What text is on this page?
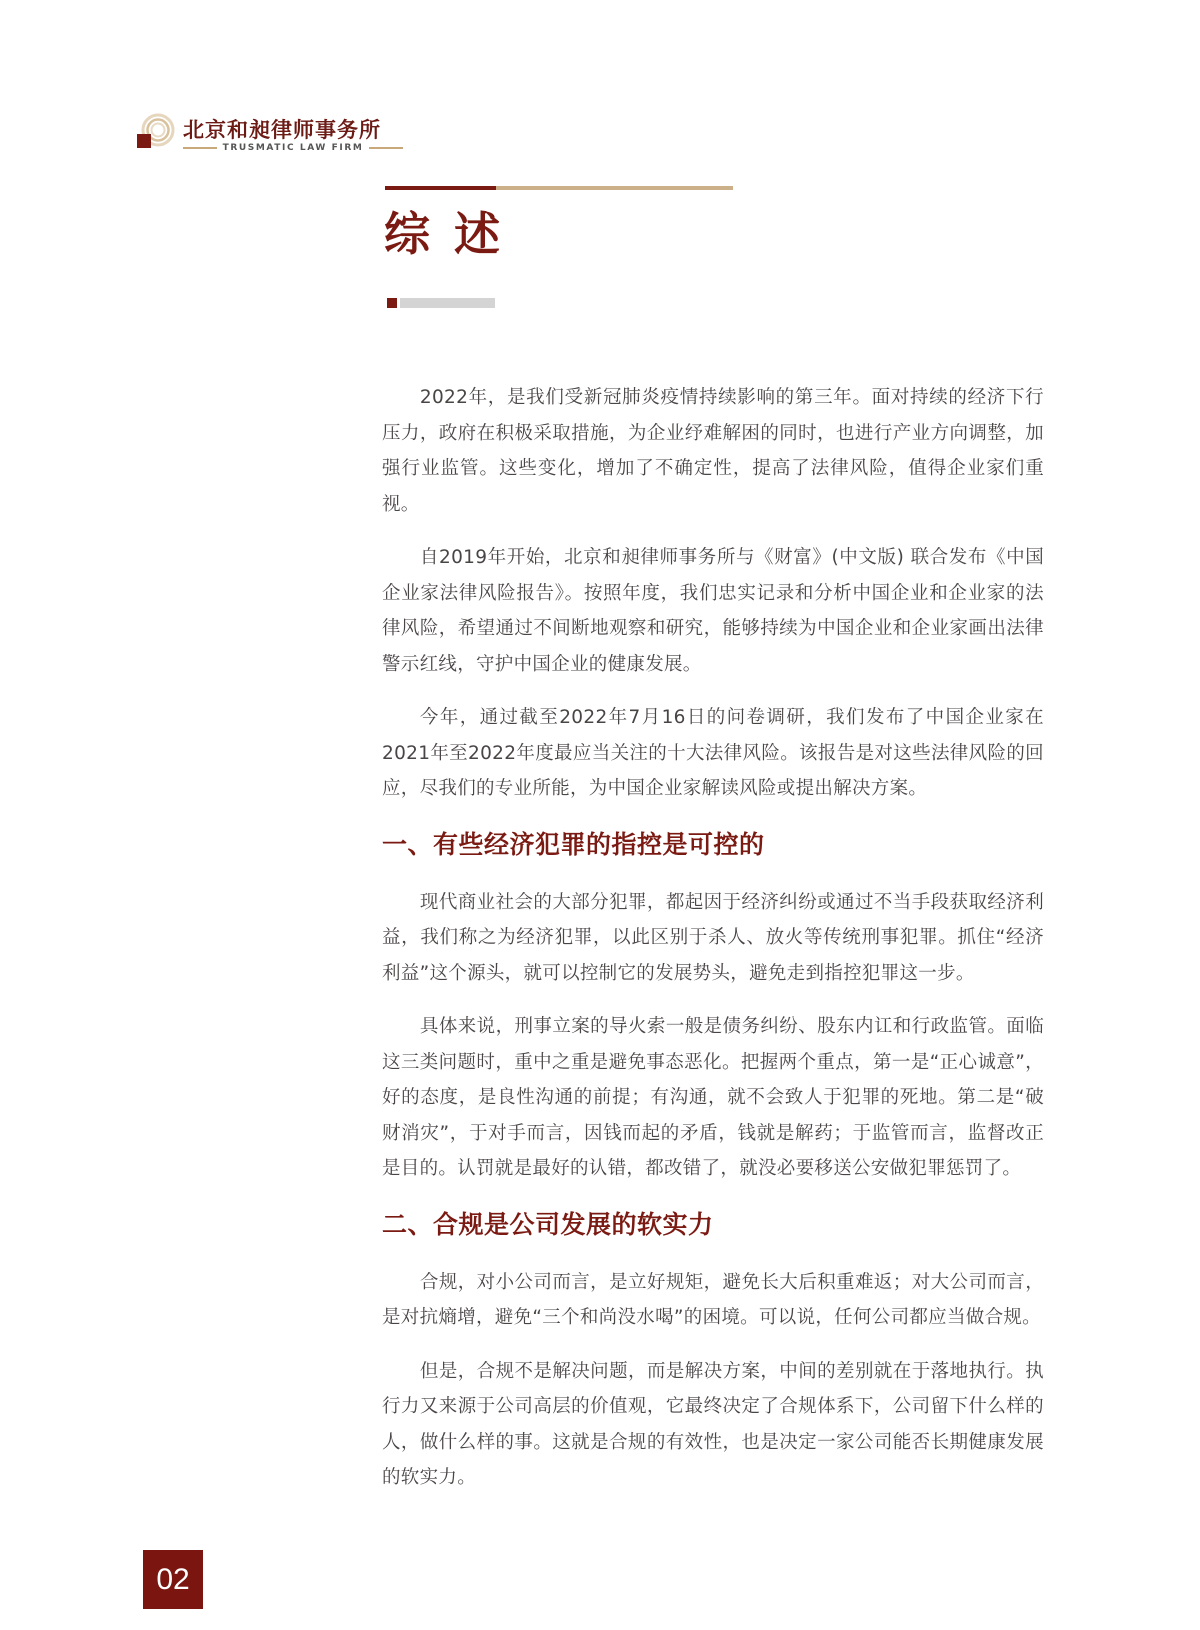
北京和昶律师事务所
TRUSMATIC LAW FIRM
综 述

2022年，是我们受新冠肺炎疫情持续影响的第三年。面对持续的经济下行压力，政府在积极采取措施，为企业纾难解困的同时，也进行产业方向调整，加强行业监管。这些变化，增加了不确定性，提高了法律风险，值得企业家们重视。

自2019年开始，北京和昶律师事务所与《财富》(中文版) 联合发布《中国企业家法律风险报告》。按照年度，我们忠实记录和分析中国企业和企业家的法律风险，希望通过不间断地观察和研究，能够持续为中国企业和企业家画出法律警示红线，守护中国企业的健康发展。

今年，通过截至2022年7月16日的问卷调研，我们发布了中国企业家在2021年至2022年度最应当关注的十大法律风险。该报告是对这些法律风险的回应，尽我们的专业所能，为中国企业家解读风险或提出解决方案。

一、有些经济犯罪的指控是可控的

现代商业社会的大部分犯罪，都起因于经济纠纷或通过不当手段获取经济利益，我们称之为经济犯罪，以此区别于杀人、放火等传统刑事犯罪。抓住“经济利益”这个源头，就可以控制它的发展势头，避免走到指控犯罪这一步。

具体来说，刑事立案的导火索一般是债务纠纷、股东内讧和行政监管。面临这三类问题时，重中之重是避免事态恶化。把握两个重点，第一是“正心诚意”，好的态度，是良性沟通的前提；有沟通，就不会致人于犯罪的死地。第二是“破财消灾”，于对手而言，因钱而起的矛盾，钱就是解药；于监管而言，监督改正是目的。认罚就是最好的认错，都改错了，就没必要移送公安做犯罪惩罚了。

二、合规是公司发展的软实力

合规，对小公司而言，是立好规矩，避免长大后积重难返；对大公司而言，是对抗熵增，避免“三个和尚没水喝”的困境。可以说，任何公司都应当做合规。

但是，合规不是解决问题，而是解决方案，中间的差别就在于落地执行。执行力又来源于公司高层的价值观，它最终决定了合规体系下，公司留下什么样的人，做什么样的事。这就是合规的有效性，也是决定一家公司能否长期健康发展的软实力。

02
